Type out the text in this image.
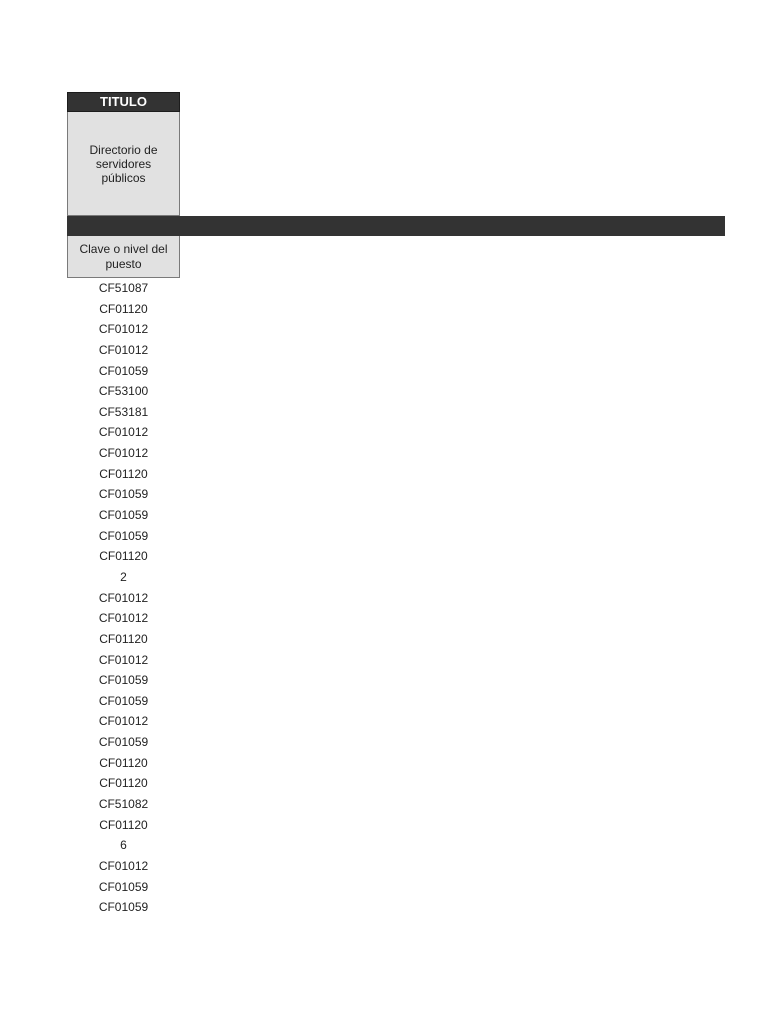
TITULO
Directorio de servidores públicos
Clave o nivel del puesto
CF51087
CF01120
CF01012
CF01012
CF01059
CF53100
CF53181
CF01012
CF01012
CF01120
CF01059
CF01059
CF01059
CF01120
2
CF01012
CF01012
CF01120
CF01012
CF01059
CF01059
CF01012
CF01059
CF01120
CF01120
CF51082
CF01120
6
CF01012
CF01059
CF01059
